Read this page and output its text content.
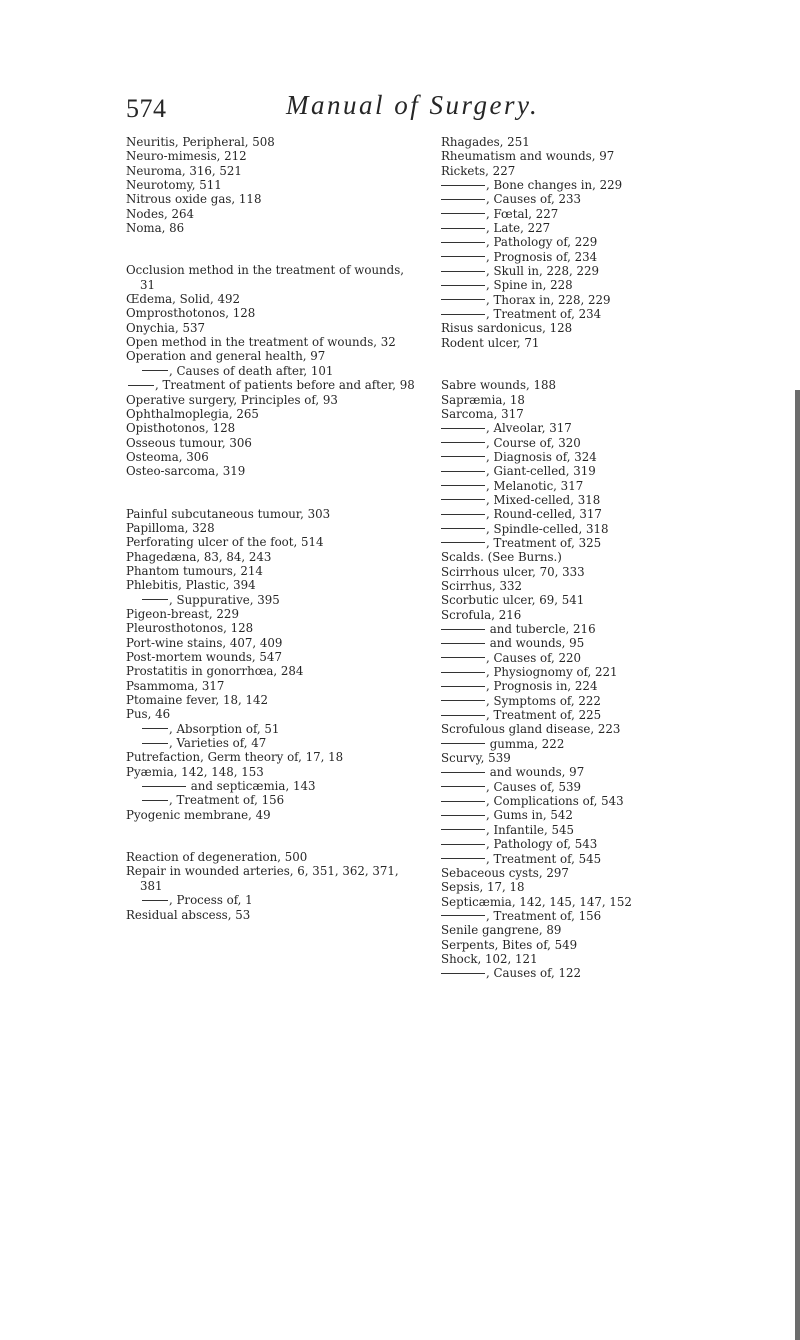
574	Manual of Surgery.
Neuritis, Peripheral, 508
Neuro-mimesis, 212
Neuroma, 316, 521
Neurotomy, 511
Nitrous oxide gas, 118
Nodes, 264
Noma, 86
Occlusion method in the treatment of wounds, 31
Œdema, Solid, 492
Omprosthotonos, 128
Onychia, 537
Open method in the treatment of wounds, 32
Operation and general health, 97
, Causes of death after, 101
, Treatment of patients before and after, 98
Operative surgery, Principles of, 93
Ophthalmoplegia, 265
Opisthotonos, 128
Osseous tumour, 306
Osteoma, 306
Osteo-sarcoma, 319
Painful subcutaneous tumour, 303
Papilloma, 328
Perforating ulcer of the foot, 514
Phagedæna, 83, 84, 243
Phantom tumours, 214
Phlebitis, Plastic, 394
, Suppurative, 395
Pigeon-breast, 229
Pleurosthotonos, 128
Port-wine stains, 407, 409
Post-mortem wounds, 547
Prostatitis in gonorrhœa, 284
Psammoma, 317
Ptomaine fever, 18, 142
Pus, 46
, Absorption of, 51
, Varieties of, 47
Putrefaction, Germ theory of, 17, 18
Pyæmia, 142, 148, 153
and septicæmia, 143
, Treatment of, 156
Pyogenic membrane, 49
Reaction of degeneration, 500
Repair in wounded arteries, 6, 351, 362, 371, 381
, Process of, 1
Residual abscess, 53
Rhagades, 251
Rheumatism and wounds, 97
Rickets, 227
, Bone changes in, 229
, Causes of, 233
, Fœtal, 227
, Late, 227
, Pathology of, 229
, Prognosis of, 234
, Skull in, 228, 229
, Spine in, 228
, Thorax in, 228, 229
, Treatment of, 234
Risus sardonicus, 128
Rodent ulcer, 71
Sabre wounds, 188
Sapræmia, 18
Sarcoma, 317
, Alveolar, 317
, Course of, 320
, Diagnosis of, 324
, Giant-celled, 319
, Melanotic, 317
, Mixed-celled, 318
, Round-celled, 317
, Spindle-celled, 318
, Treatment of, 325
Scalds. (See Burns.)
Scirrhous ulcer, 70, 333
Scirrhus, 332
Scorbutic ulcer, 69, 541
Scrofula, 216
and tubercle, 216
and wounds, 95
, Causes of, 220
, Physiognomy of, 221
, Prognosis in, 224
, Symptoms of, 222
, Treatment of, 225
Scrofulous gland disease, 223
gumma, 222
Scurvy, 539
and wounds, 97
, Causes of, 539
, Complications of, 543
, Gums in, 542
, Infantile, 545
, Pathology of, 543
, Treatment of, 545
Sebaceous cysts, 297
Sepsis, 17, 18
Septicæmia, 142, 145, 147, 152
, Treatment of, 156
Senile gangrene, 89
Serpents, Bites of, 549
Shock, 102, 121
, Causes of, 122
